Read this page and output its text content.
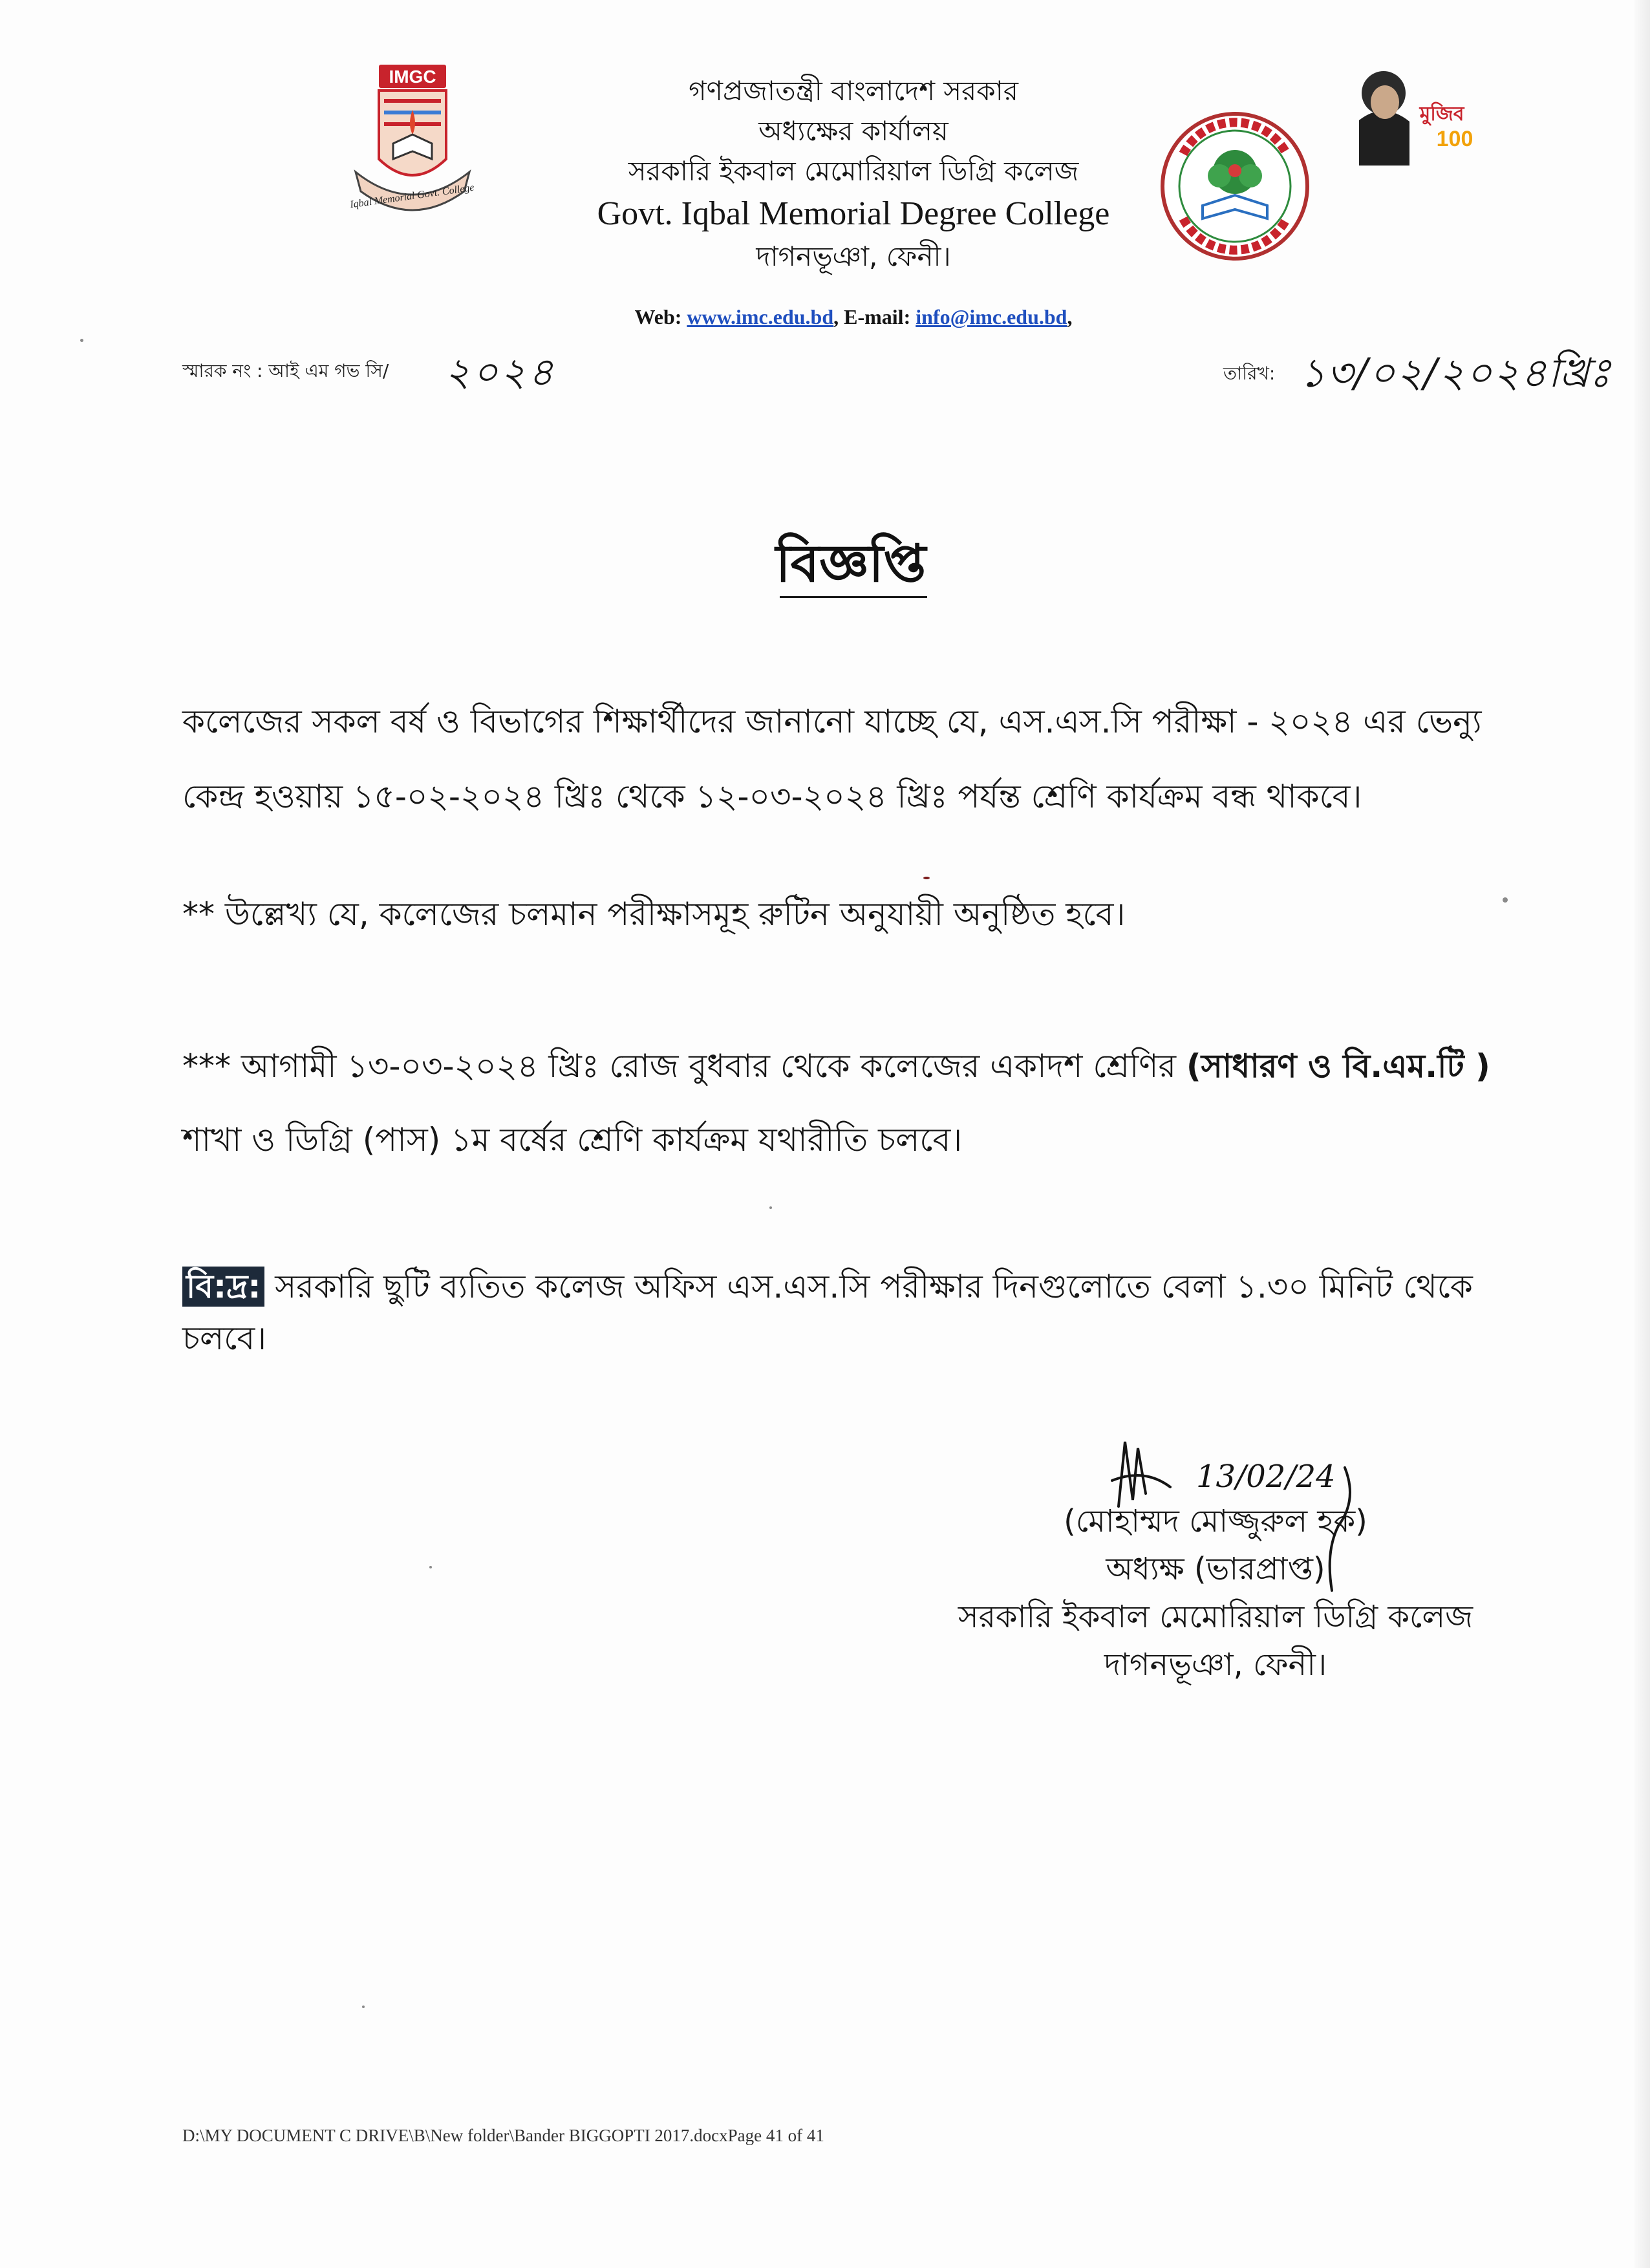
IMGC
Iqbal Memorial Govt. College
গণপ্রজাতন্ত্রী বাংলাদেশ সরকার
অধ্যক্ষের কার্যালয়
সরকারি ইকবাল মেমোরিয়াল ডিগ্রি কলেজ
Govt. Iqbal Memorial Degree College
দাগনভূঞা, ফেনী।
মুজিব
100
Web: www.imc.edu.bd, E-mail: info@imc.edu.bd,
স্মারক নং : আই এম গভ সি/ ২০২৪	তারিখ: ১৩/০২/২০২৪খ্রিঃ
বিজ্ঞপ্তি
কলেজের সকল বর্ষ ও বিভাগের শিক্ষার্থীদের জানানো যাচ্ছে যে, এস.এস.সি পরীক্ষা - ২০২৪ এর ভেন্যু কেন্দ্র হওয়ায় ১৫-০২-২০২৪ খ্রিঃ থেকে ১২-০৩-২০২৪ খ্রিঃ পর্যন্ত শ্রেণি কার্যক্রম বন্ধ থাকবে।
** উল্লেখ্য যে, কলেজের চলমান পরীক্ষাসমূহ রুটিন অনুযায়ী অনুষ্ঠিত হবে।
*** আগামী ১৩-০৩-২০২৪ খ্রিঃ রোজ বুধবার থেকে কলেজের একাদশ শ্রেণির (সাধারণ ও বি.এম.টি ) শাখা ও ডিগ্রি (পাস) ১ম বর্ষের শ্রেণি কার্যক্রম যথারীতি চলবে।
বি:দ্র: সরকারি ছুটি ব্যতিত কলেজ অফিস এস.এস.সি পরীক্ষার দিনগুলোতে বেলা ১.৩০ মিনিট থেকে চলবে।
13/02/24
(মোহাম্মদ মোজ্জুরুল হক)
অধ্যক্ষ (ভারপ্রাপ্ত)
সরকারি ইকবাল মেমোরিয়াল ডিগ্রি কলেজ
দাগনভূঞা, ফেনী।
D:\MY DOCUMENT C DRIVE\B\New folder\Bander BIGGOPTI 2017.docxPage 41 of 41
